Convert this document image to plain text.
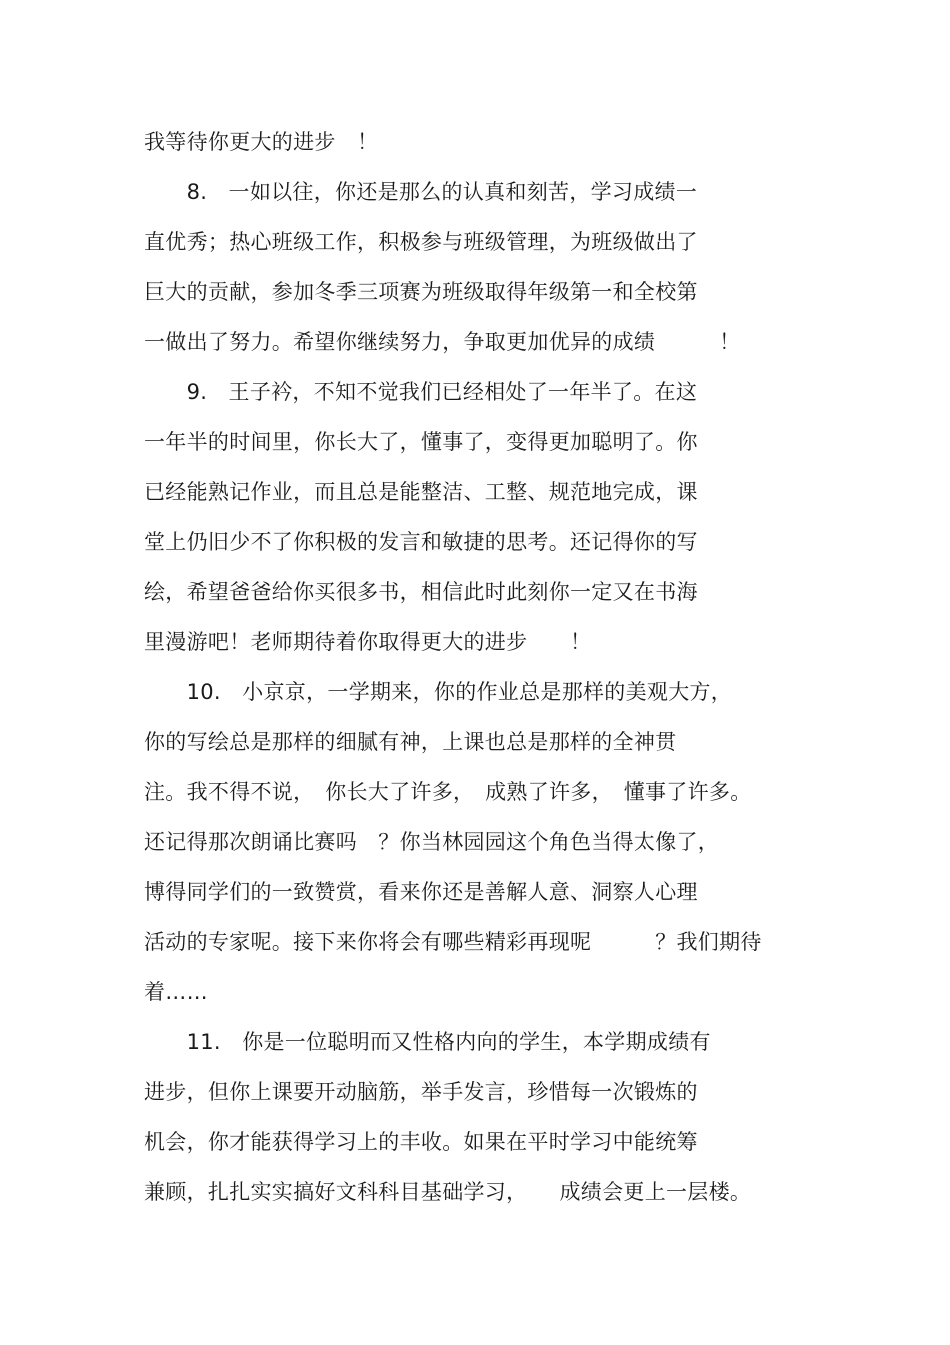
我等待你更大的进步　！

　　8.　一如以往，你还是那么的认真和刻苦，学习成绩一

直优秀；热心班级工作，积极参与班级管理，为班级做出了

巨大的贡献，参加冬季三项赛为班级取得年级第一和全校第

一做出了努力。希望你继续努力，争取更加优异的成绩　　　！

　　9.　王子衿，不知不觉我们已经相处了一年半了。在这

一年半的时间里，你长大了，懂事了，变得更加聪明了。你

已经能熟记作业，而且总是能整洁、工整、规范地完成，课

堂上仍旧少不了你积极的发言和敏捷的思考。还记得你的写

绘，希望爸爸给你买很多书，相信此时此刻你一定又在书海

里漫游吧！老师期待着你取得更大的进步　　！

　　10.　小京京，一学期来，你的作业总是那样的美观大方，

你的写绘总是那样的细腻有神，上课也总是那样的全神贯

注。我不得不说，　你长大了许多，　成熟了许多，　懂事了许多。

还记得那次朗诵比赛吗　？你当林园园这个角色当得太像了，

博得同学们的一致赞赏，看来你还是善解人意、洞察人心理

活动的专家呢。接下来你将会有哪些精彩再现呢　　　？我们期待

着……

　　11.　你是一位聪明而又性格内向的学生，本学期成绩有

进步，但你上课要开动脑筋，举手发言，珍惜每一次锻炼的

机会，你才能获得学习上的丰收。如果在平时学习中能统筹

兼顾，扎扎实实搞好文科科目基础学习，　　成绩会更上一层楼。
